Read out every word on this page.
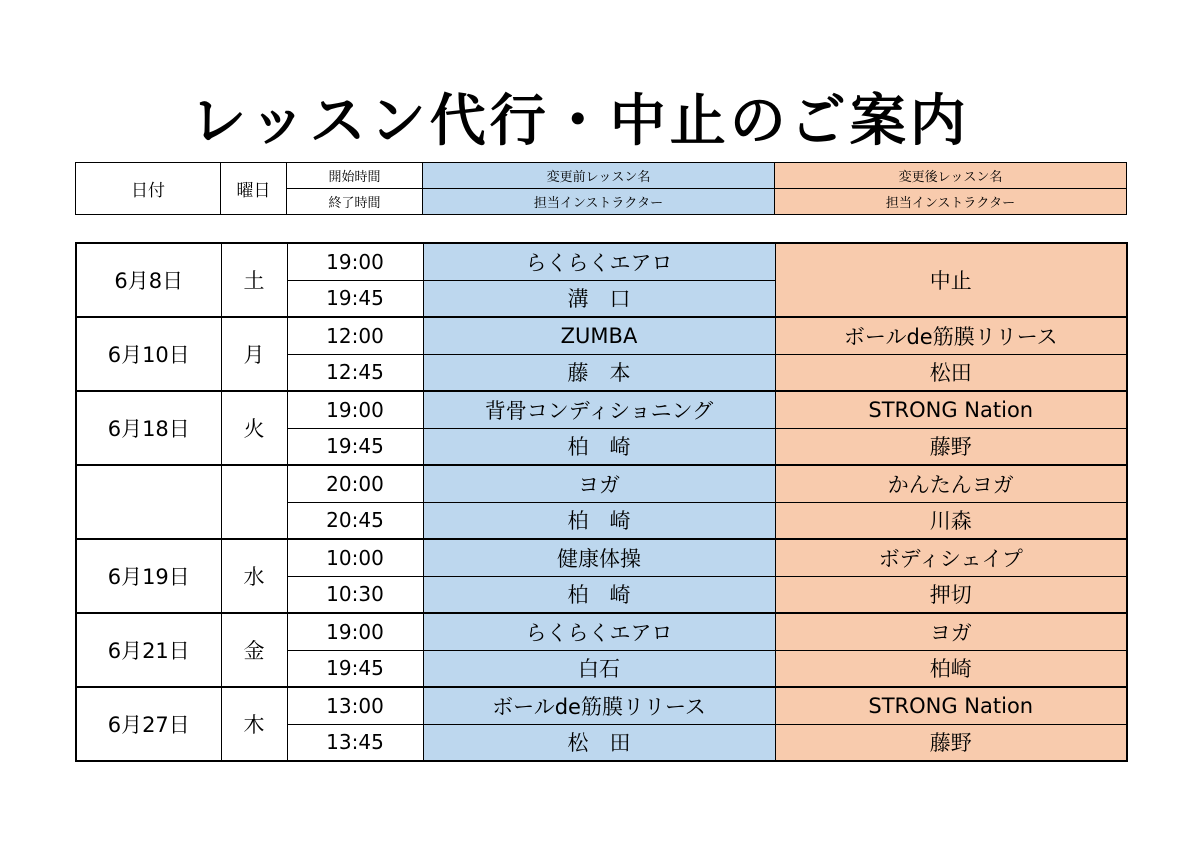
レッスン代行・中止のご案内
日付	曜日	開始時間	変更前レッスン名	変更後レッスン名
		終了時間	担当インストラクター	担当インストラクター
6月8日	土	19:00	らくらくエアロ	中止
		19:45	溝　口	
6月10日	月	12:00	ZUMBA	ボールde筋膜リリース
		12:45	藤　本	松田
6月18日	火	19:00	背骨コンディショニング	STRONG Nation
		19:45	柏　崎	藤野
		20:00	ヨガ	かんたんヨガ
		20:45	柏　崎	川森
6月19日	水	10:00	健康体操	ボディシェイプ
		10:30	柏　崎	押切
6月21日	金	19:00	らくらくエアロ	ヨガ
		19:45	白石	柏崎
6月27日	木	13:00	ボールde筋膜リリース	STRONG Nation
		13:45	松　田	藤野
